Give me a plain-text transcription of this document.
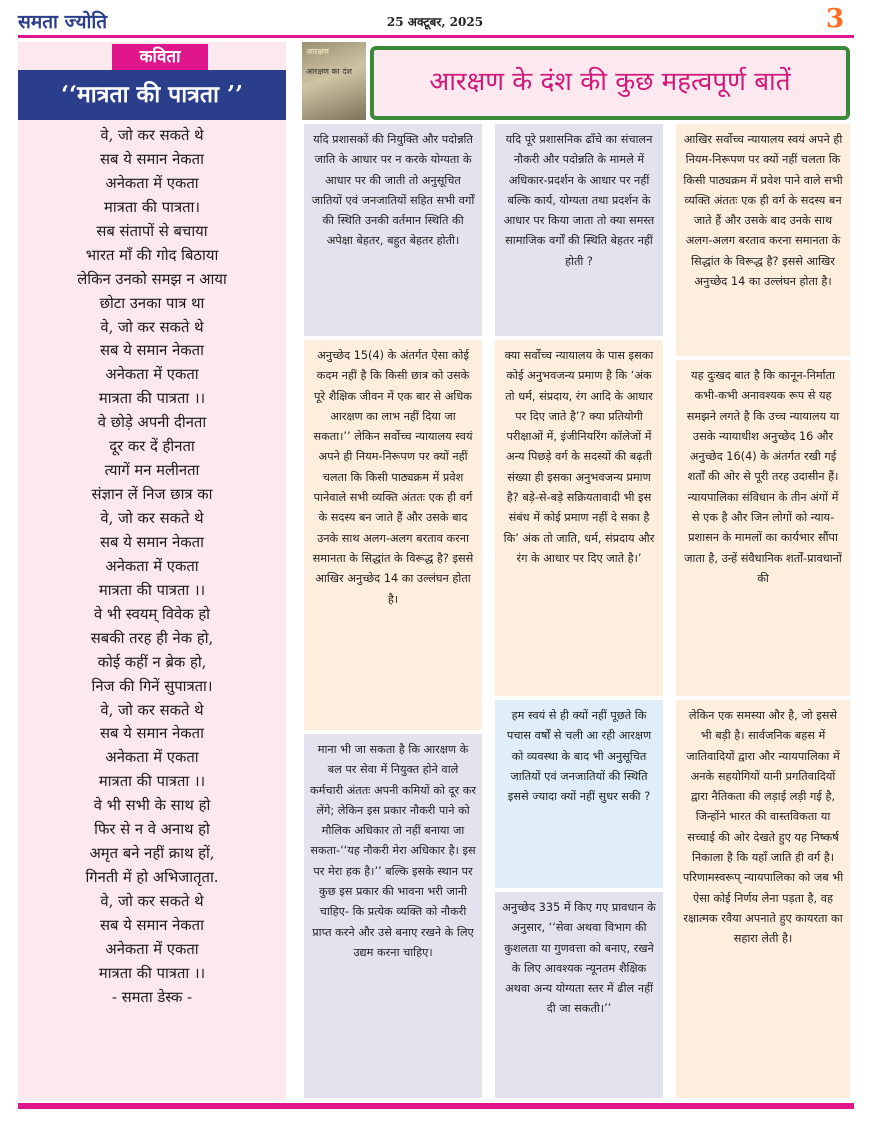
समता ज्योति	25 अक्टूबर, 2025	3
कविता
‘‘मात्रता की पात्रता ’’
वे, जो कर सकते थे
सब ये समान नेकता
अनेकता में एकता
मात्रता की पात्रता।
सब संतापों से बचाया
भारत माँ की गोद बिठाया
लेकिन उनको समझ न आया
छोटा उनका पात्र था
वे, जो कर सकते थे
सब ये समान नेकता
अनेकता में एकता
मात्रता की पात्रता ।।
वे छोड़े अपनी दीनता
दूर कर दें हीनता
त्यागें मन मलीनता
संज्ञान लें निज छात्र का
वे, जो कर सकते थे
सब ये समान नेकता
अनेकता में एकता
मात्रता की पात्रता ।।
वे भी स्वयम् विवेक हो
सबकी तरह ही नेक हो,
कोई कहीं न ब्रेक हो,
निज की गिनें सुपात्रता।
वे, जो कर सकते थे
सब ये समान नेकता
अनेकता में एकता
मात्रता की पात्रता ।।
वे भी सभी के साथ हो
फिर से न वे अनाथ हो
अमृत बने नहीं क्राथ हों,
गिनती में हो अभिजातृता.
वे, जो कर सकते थे
सब ये समान नेकता
अनेकता में एकता
मात्रता की पात्रता ।।
- समता डेस्क -
आरक्षण
आरक्षण का दंश	आरक्षण के दंश की कुछ महत्वपूर्ण बातें
यदि प्रशासकों की नियुक्ति और पदोन्नति जाति के आधार पर न करके योग्यता के आधार पर की जाती तो अनुसूचित जातियों एवं जनजातियों सहित सभी वर्गों की स्थिति उनकी वर्तमान स्थिति की अपेक्षा बेहतर, बहुत बेहतर होती।
अनुच्छेद 15(4) के अंतर्गत ऐसा कोई कदम नहीं है कि किसी छात्र को उसके पूरे शैक्षिक जीवन में एक बार से अधिक आरक्षण का लाभ नहीं दिया जा सकता।’’ लेकिन सर्वोच्च न्यायालय स्वयं अपने ही नियम-निरूपण पर क्यों नहीं चलता कि किसी पाठ्यक्रम में प्रवेश पानेवाले सभी व्यक्ति अंततः एक ही वर्ग के सदस्य बन जाते हैं और उसके बाद उनके साथ अलग-अलग बरताव करना समानता के सिद्धांत के विरूद्ध है? इससे आखिर अनुच्छेद 14 का उल्लंघन होता है।
माना भी जा सकता है कि आरक्षण के बल पर सेवा में नियुक्त होने वाले कर्मचारी अंततः अपनी कमियों को दूर कर लेंगे; लेकिन इस प्रकार नौकरी पाने को मौलिक अधिकार तो नहीं बनाया जा सकता-‘‘यह नौकरी मेरा अधिकार है। इस पर मेरा हक है।’’ बल्कि इसके स्थान पर कुछ इस प्रकार की भावना भरी जानी चाहिए- कि प्रत्येक व्यक्ति को नौकरी प्राप्त करने और उसे बनाए रखने के लिए उद्यम करना चाहिए।
यदि पूरे प्रशासनिक ढाँचे का संचालन नौकरी और पदोन्नति के मामले में अधिकार-प्रदर्शन के आधार पर नहीं बल्कि कार्य, योग्यता तथा प्रदर्शन के आधार पर किया जाता तो क्या समस्त सामाजिक वर्गों की स्थिति बेहतर नहीं होती ?
क्या सर्वोच्च न्यायालय के पास इसका कोई अनुभवजन्य प्रमाण है कि ‘अंक तो धर्म, संप्रदाय, रंग आदि के आधार पर दिए जाते है’? क्या प्रतियोगी परीक्षाओं में, इंजीनियरिंग कॉलेजों में अन्य पिछड़े वर्ग के सदस्यों की बढ़ती संख्या ही इसका अनुभवजन्य प्रमाण है? बड़े-से-बड़े सक्रियतावादी भी इस संबंध में कोई प्रमाण नहीं दे सका है कि’ अंक तो जाति, धर्म, संप्रदाय और रंग के आधार पर दिए जाते है।’
हम स्वयं से ही क्यों नहीं पूछते कि पचास वर्षों से चली आ रही आरक्षण को व्यवस्था के बाद भी अनुसूचित जातियों एवं जनजातियों की स्थिति इससे ज्यादा क्यों नहीं सुधर सकी ?
अनुच्छेद 335 में किए गए प्रावधान के अनुसार, ‘‘सेवा अथवा विभाग की कुशलता या गुणवत्ता को बनाए, रखने के लिए आवश्यक न्यूनतम शैक्षिक अथवा अन्य योग्यता स्तर में ढील नहीं दी जा सकती।’’
आखिर सर्वोच्च न्यायालय स्वयं अपने ही नियम-निरूपण पर क्यों नहीं चलता कि किसी पाठ्यक्रम में प्रवेश पाने वाले सभी व्यक्ति अंततः एक ही वर्ग के सदस्य बन जाते हैं और उसके बाद उनके साथ अलग-अलग बरताव करना समानता के सिद्धांत के विरूद्ध है? इससे आखिर अनुच्छेद 14 का उल्लंघन होता है।
यह दुःखद बात है कि कानून-निर्माता कभी-कभी अनावश्यक रूप से यह समझने लगते है कि उच्च न्यायालय या उसके न्यायाधीश अनुच्छेद 16 और अनुच्छेद 16(4) के अंतर्गत रखी गई शर्तों की ओर से पूरी तरह उदासीन हैं। न्यायपालिका संविधान के तीन अंगों में से एक है और जिन लोगों को न्याय-प्रशासन के मामलों का कार्यभार सौंपा जाता है, उन्हें संवैधानिक शर्तों-प्रावधानों की
लेकिन एक समस्या और है, जो इससे भी बड़ी है। सार्वजनिक बहस में जातिवादियों द्वारा और न्यायपालिका में अनके सहयोगियों यानी प्रगतिवादियों द्वारा नैतिकता की लड़ाई लड़ी गई है, जिन्होंने भारत की वास्तविकता या सच्चाई की ओर देखते हुए यह निष्कर्ष निकाला है कि यहाँ जाति ही वर्ग है। परिणामस्वरूप् न्यायपालिका को जब भी ऐसा कोई निर्णय लेना पड़ता है, वह रक्षात्मक रवैया अपनाते हुए कायरता का सहारा लेती है।
